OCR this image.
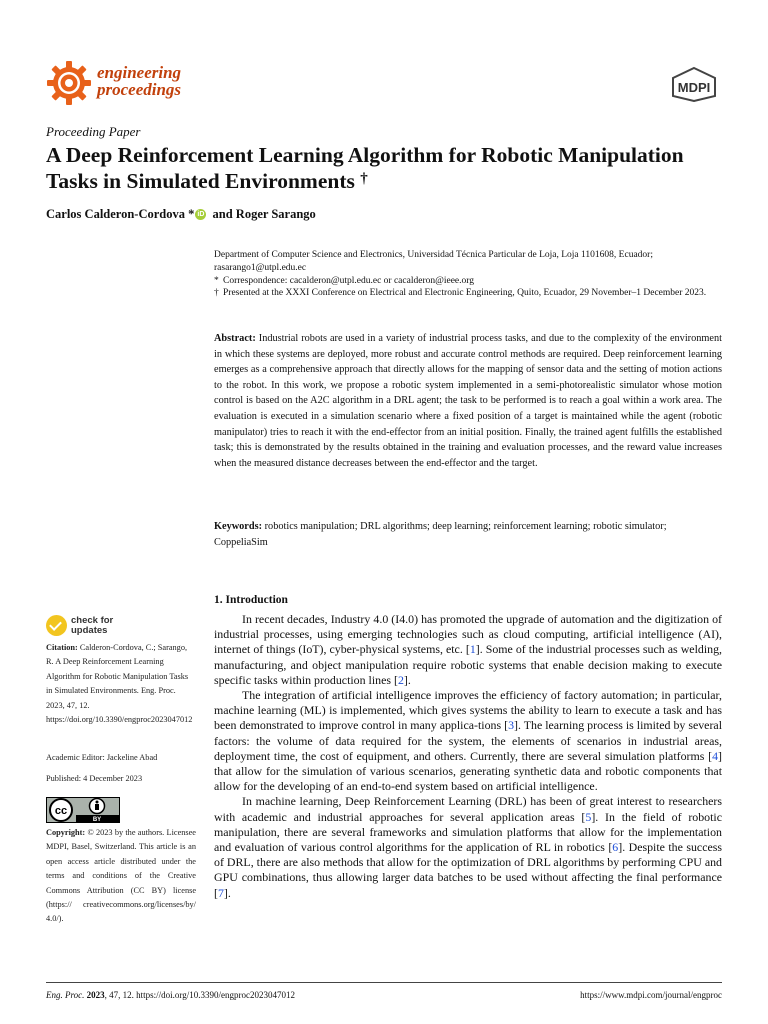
engineering
proceedings	MDPI
Proceeding Paper
A Deep Reinforcement Learning Algorithm for Robotic Manipulation Tasks in Simulated Environments †
Carlos Calderon-Cordova
* iD
and Roger Sarango
Department of Computer Science and Electronics, Universidad Técnica Particular de Loja, Loja 1101608, Ecuador; rasarango1@utpl.edu.ec
* Correspondence: cacalderon@utpl.edu.ec or cacalderon@ieee.org
† Presented at the XXXI Conference on Electrical and Electronic Engineering, Quito, Ecuador, 29 November–1 December 2023.
Abstract: Industrial robots are used in a variety of industrial process tasks, and due to the complexity of the environment in which these systems are deployed, more robust and accurate control methods are required. Deep reinforcement learning emerges as a comprehensive approach that directly allows for the mapping of sensor data and the setting of motion actions to the robot. In this work, we propose a robotic system implemented in a semi-photorealistic simulator whose motion control is based on the A2C algorithm in a DRL agent; the task to be performed is to reach a goal within a work area. The evaluation is executed in a simulation scenario where a fixed position of a target is maintained while the agent (robotic manipulator) tries to reach it with the end-effector from an initial position. Finally, the trained agent fulfills the established task; this is demonstrated by the results obtained in the training and evaluation processes, and the reward value increases when the measured distance decreases between the end-effector and the target.
Keywords: robotics manipulation; DRL algorithms; deep learning; reinforcement learning; robotic simulator; CoppeliaSim
1. Introduction

In recent decades, Industry 4.0 (I4.0) has promoted the upgrade of automation and the digitization of industrial processes, using emerging technologies such as cloud computing, artificial intelligence (AI), internet of things (IoT), cyber-physical systems, etc. [1]. Some of the industrial processes such as welding, manufacturing, and object manipulation require robotic systems that enable decision making to execute specific tasks within production lines [2].

The integration of artificial intelligence improves the efficiency of factory automation; in particular, machine learning (ML) is implemented, which gives systems the ability to learn to execute a task and has been demonstrated to improve control in many applica-tions [3]. The learning process is limited by several factors: the volume of data required for the system, the elements of scenarios in industrial areas, deployment time, the cost of equipment, and others. Currently, there are several simulation platforms [4] that allow for the simulation of various scenarios, generating synthetic data and robotic components that allow for the developing of an end-to-end system based on artificial intelligence.

In machine learning, Deep Reinforcement Learning (DRL) has been of great interest to researchers with academic and industrial approaches for several application areas [5]. In the field of robotic manipulation, there are several frameworks and simulation platforms that allow for the implementation and evaluation of various control algorithms for the application of RL in robotics [6]. Despite the success of DRL, there are also methods that allow for the optimization of DRL algorithms by performing CPU and GPU combinations, thus allowing larger data batches to be used without affecting the final performance [7].

check for
updates
Citation: Calderon-Cordova, C.; Sarango, R. A Deep Reinforcement Learning Algorithm for Robotic Manipulation Tasks in Simulated Environments. Eng. Proc. 2023, 47, 12. https://doi.org/10.3390/engproc2023047012
Academic Editor: Jackeline Abad
Published: 4 December 2023
cc
BY
Copyright: © 2023 by the authors. Licensee MDPI, Basel, Switzerland. This article is an open access article distributed under the terms and conditions of the Creative Commons Attribution (CC BY) license (https:// creativecommons.org/licenses/by/ 4.0/).
Eng. Proc. 2023, 47, 12. https://doi.org/10.3390/engproc2023047012	https://www.mdpi.com/journal/engproc
